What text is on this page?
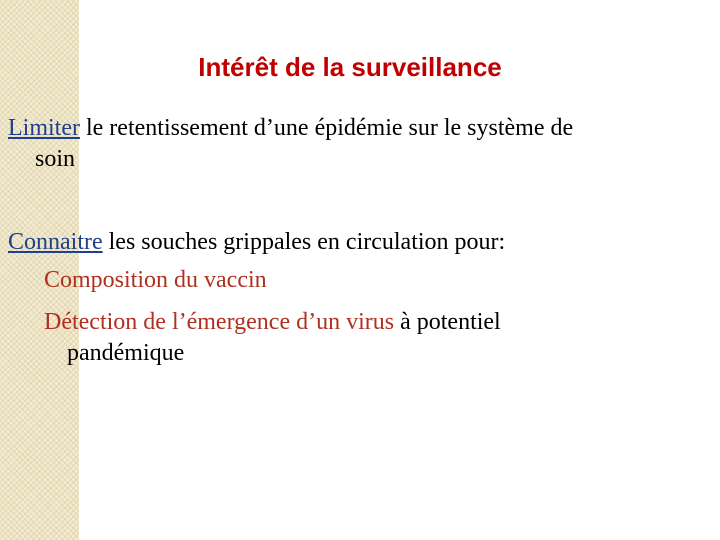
Intérêt de la surveillance
Limiter le retentissement d’une épidémie sur le système de
soin
Connaitre les souches grippales en circulation pour:
Composition du vaccin
Détection de l’émergence d’un virus à potentiel
pandémique
